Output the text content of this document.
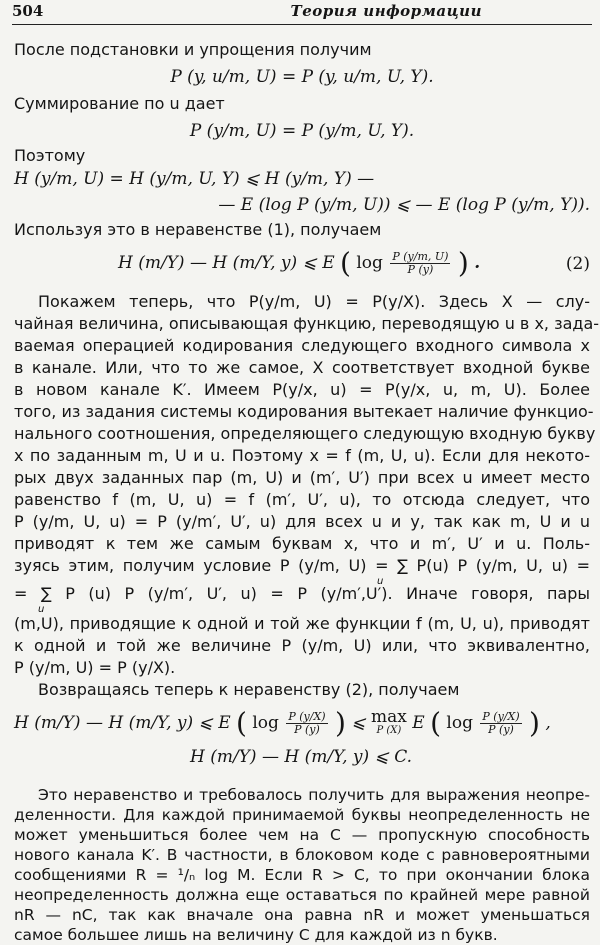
504	Теория информации
После подстановки и упрощения получим
P (y, u/m, U) = P (y, u/m, U, Y).
Суммирование по u дает
P (y/m, U) = P (y/m, U, Y).
Поэтому
H (y/m, U) = H (y/m, U, Y) ⩽ H (y/m, Y) —
— E (log P (y/m, U)) ⩽ — E (log P (y/m, Y)).
Используя это в неравенстве (1), получаем
H (m/Y) — H (m/Y, y) ⩽ E ( $\log \frac{P (y/m, U)}{P (y)}$ ) .	(2)
Покажем теперь, что P(y/m, U) = P(y/X). Здесь X — слу-
чайная величина, описывающая функцию, переводящую u в x, зада-
ваемая операцией кодирования следующего входного символа x
в канале. Или, что то же самое, X соответствует входной букве
в новом канале K′. Имеем P(y/x, u) = P(y/x, u, m, U). Более
того, из задания системы кодирования вытекает наличие функцио-
нального соотношения, определяющего следующую входную букву
x по заданным m, U и u. Поэтому x = f (m, U, u). Если для некото-
рых двух заданных пар (m, U) и (m′, U′) при всех u имеет место
равенство f (m, U, u) = f (m′, U′, u), то отсюда следует, что
P (y/m, U, u) = P (y/m′, U′, u) для всех u и y, так как m, U и u
приводят к тем же самым буквам x, что и m′, U′ и u. Поль-
зуясь этим, получим условие P (y/m, U) = ∑ P(u) P (y/m, U, u) =
u
= ∑ P (u) P (y/m′, U′, u) = P (y/m′,U′). Иначе говоря, пары
u
(m,U), приводящие к одной и той же функции f (m, U, u), приводят
к одной и той же величине P (y/m, U) или, что эквивалентно,
P (y/m, U) = P (y/X).
Возвращаясь теперь к неравенству (2), получаем
H (m/Y) — H (m/Y, y) ⩽ E ( $\log \frac{P (y/X)}{P (y)}$ ) ⩽ max
P (X) E ( $\log \frac{P (y/X)}{P (y)}$ ) ,
H (m/Y) — H (m/Y, y) ⩽ C.
Это неравенство и требовалось получить для выражения неопре-
деленности. Для каждой принимаемой буквы неопределенность не
может уменьшиться более чем на C — пропускную способность
нового канала K′. В частности, в блоковом коде с равновероятными
сообщениями R = ¹/ₙ log M. Если R > C, то при окончании блока
неопределенность должна еще оставаться по крайней мере равной
nR — nC, так как вначале она равна nR и может уменьшаться
самое большее лишь на величину C для каждой из n букв.
